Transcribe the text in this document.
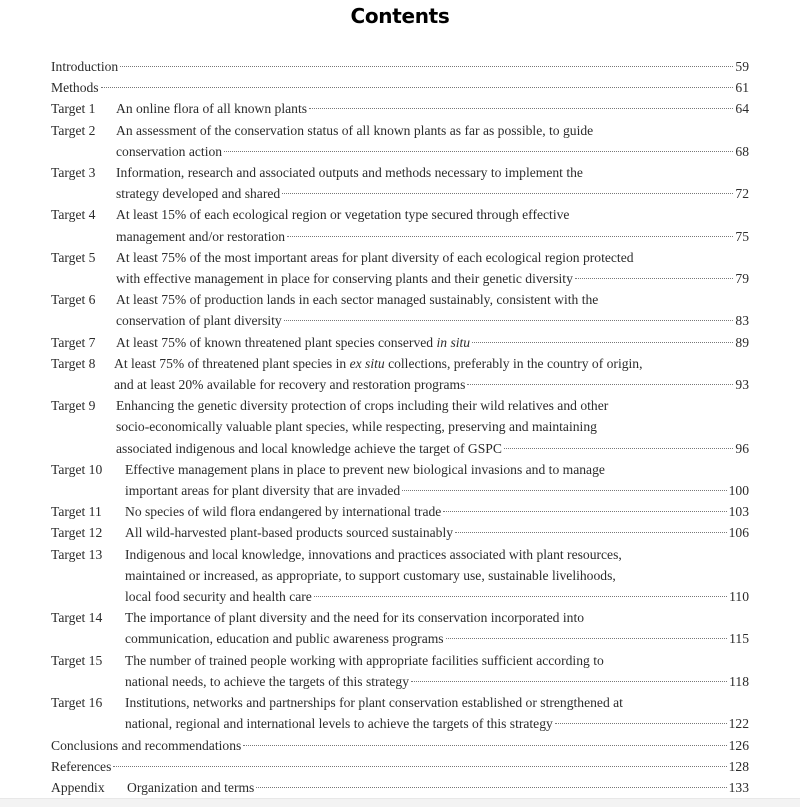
Contents
Introduction	59
Methods	61
Target 1	An online flora of all known plants	64
Target 2	An assessment of the conservation status of all known plants as far as possible, to guide
conservation action	68
Target 3	Information, research and associated outputs and methods necessary to implement the
strategy developed and shared	72
Target 4	At least 15% of each ecological region or vegetation type secured through effective
management and/or restoration	75
Target 5	At least 75% of the most important areas for plant diversity of each ecological region protected
with effective management in place for conserving plants and their genetic diversity	79
Target 6	At least 75% of production lands in each sector managed sustainably, consistent with the
conservation of plant diversity	83
Target 7	At least 75% of known threatened plant species conserved in situ	89
Target 8	At least 75% of threatened plant species in ex situ collections, preferably in the country of origin,
and at least 20% available for recovery and restoration programs	93
Target 9	Enhancing the genetic diversity protection of crops including their wild relatives and other
socio-economically valuable plant species, while respecting, preserving and maintaining
associated indigenous and local knowledge achieve the target of GSPC	96
Target 10	Effective management plans in place to prevent new biological invasions and to manage
important areas for plant diversity that are invaded	100
Target 11	No species of wild flora endangered by international trade	103
Target 12	All wild-harvested plant-based products sourced sustainably	106
Target 13	Indigenous and local knowledge, innovations and practices associated with plant resources,
maintained or increased, as appropriate, to support customary use, sustainable livelihoods,
local food security and health care	110
Target 14	The importance of plant diversity and the need for its conservation incorporated into
communication, education and public awareness programs	115
Target 15	The number of trained people working with appropriate facilities sufficient according to
national needs, to achieve the targets of this strategy	118
Target 16	Institutions, networks and partnerships for plant conservation established or strengthened at
national, regional and international levels to achieve the targets of this strategy	122
Conclusions and recommendations	126
References	128
Appendix	Organization and terms	133
